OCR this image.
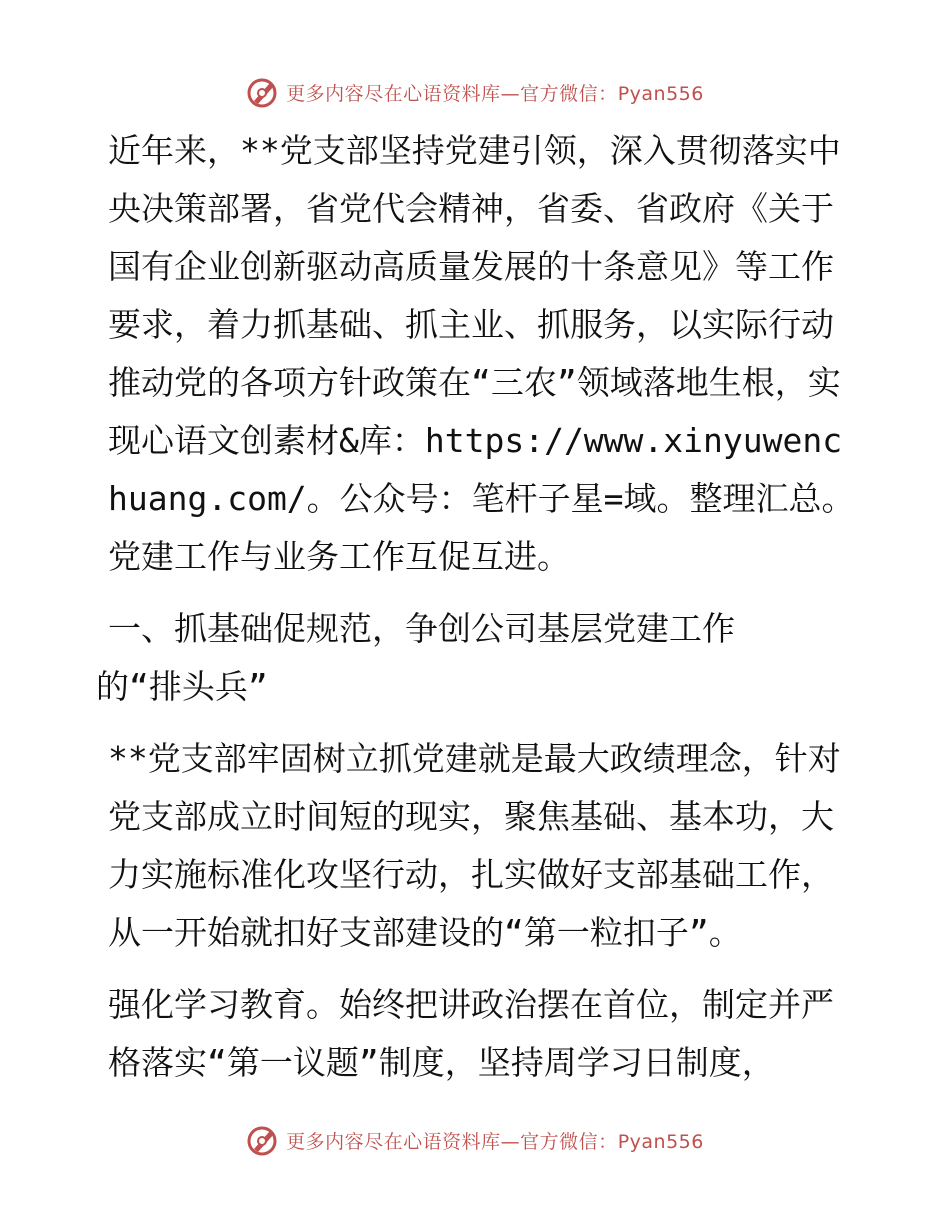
更多内容尽在心语资料库—官方微信：Pyan556

近年来，**党支部坚持党建引领，深入贯彻落实中央决策部署，省党代会精神，省委、省政府《关于国有企业创新驱动高质量发展的十条意见》等工作要求，着力抓基础、抓主业、抓服务，以实际行动推动党的各项方针政策在“三农”领域落地生根，实现心语文创素材&库：https://www.xinyuwenchuang.com/。公众号：笔杆子星=域。整理汇总。党建工作与业务工作互促互进。

一、抓基础促规范，争创公司基层党建工作
的“排头兵”

**党支部牢固树立抓党建就是最大政绩理念，针对党支部成立时间短的现实，聚焦基础、基本功，大力实施标准化攻坚行动，扎实做好支部基础工作，从一开始就扣好支部建设的“第一粒扣子”。

强化学习教育。始终把讲政治摆在首位，制定并严格落实“第一议题”制度，坚持周学习日制度，

更多内容尽在心语资料库—官方微信：Pyan556
